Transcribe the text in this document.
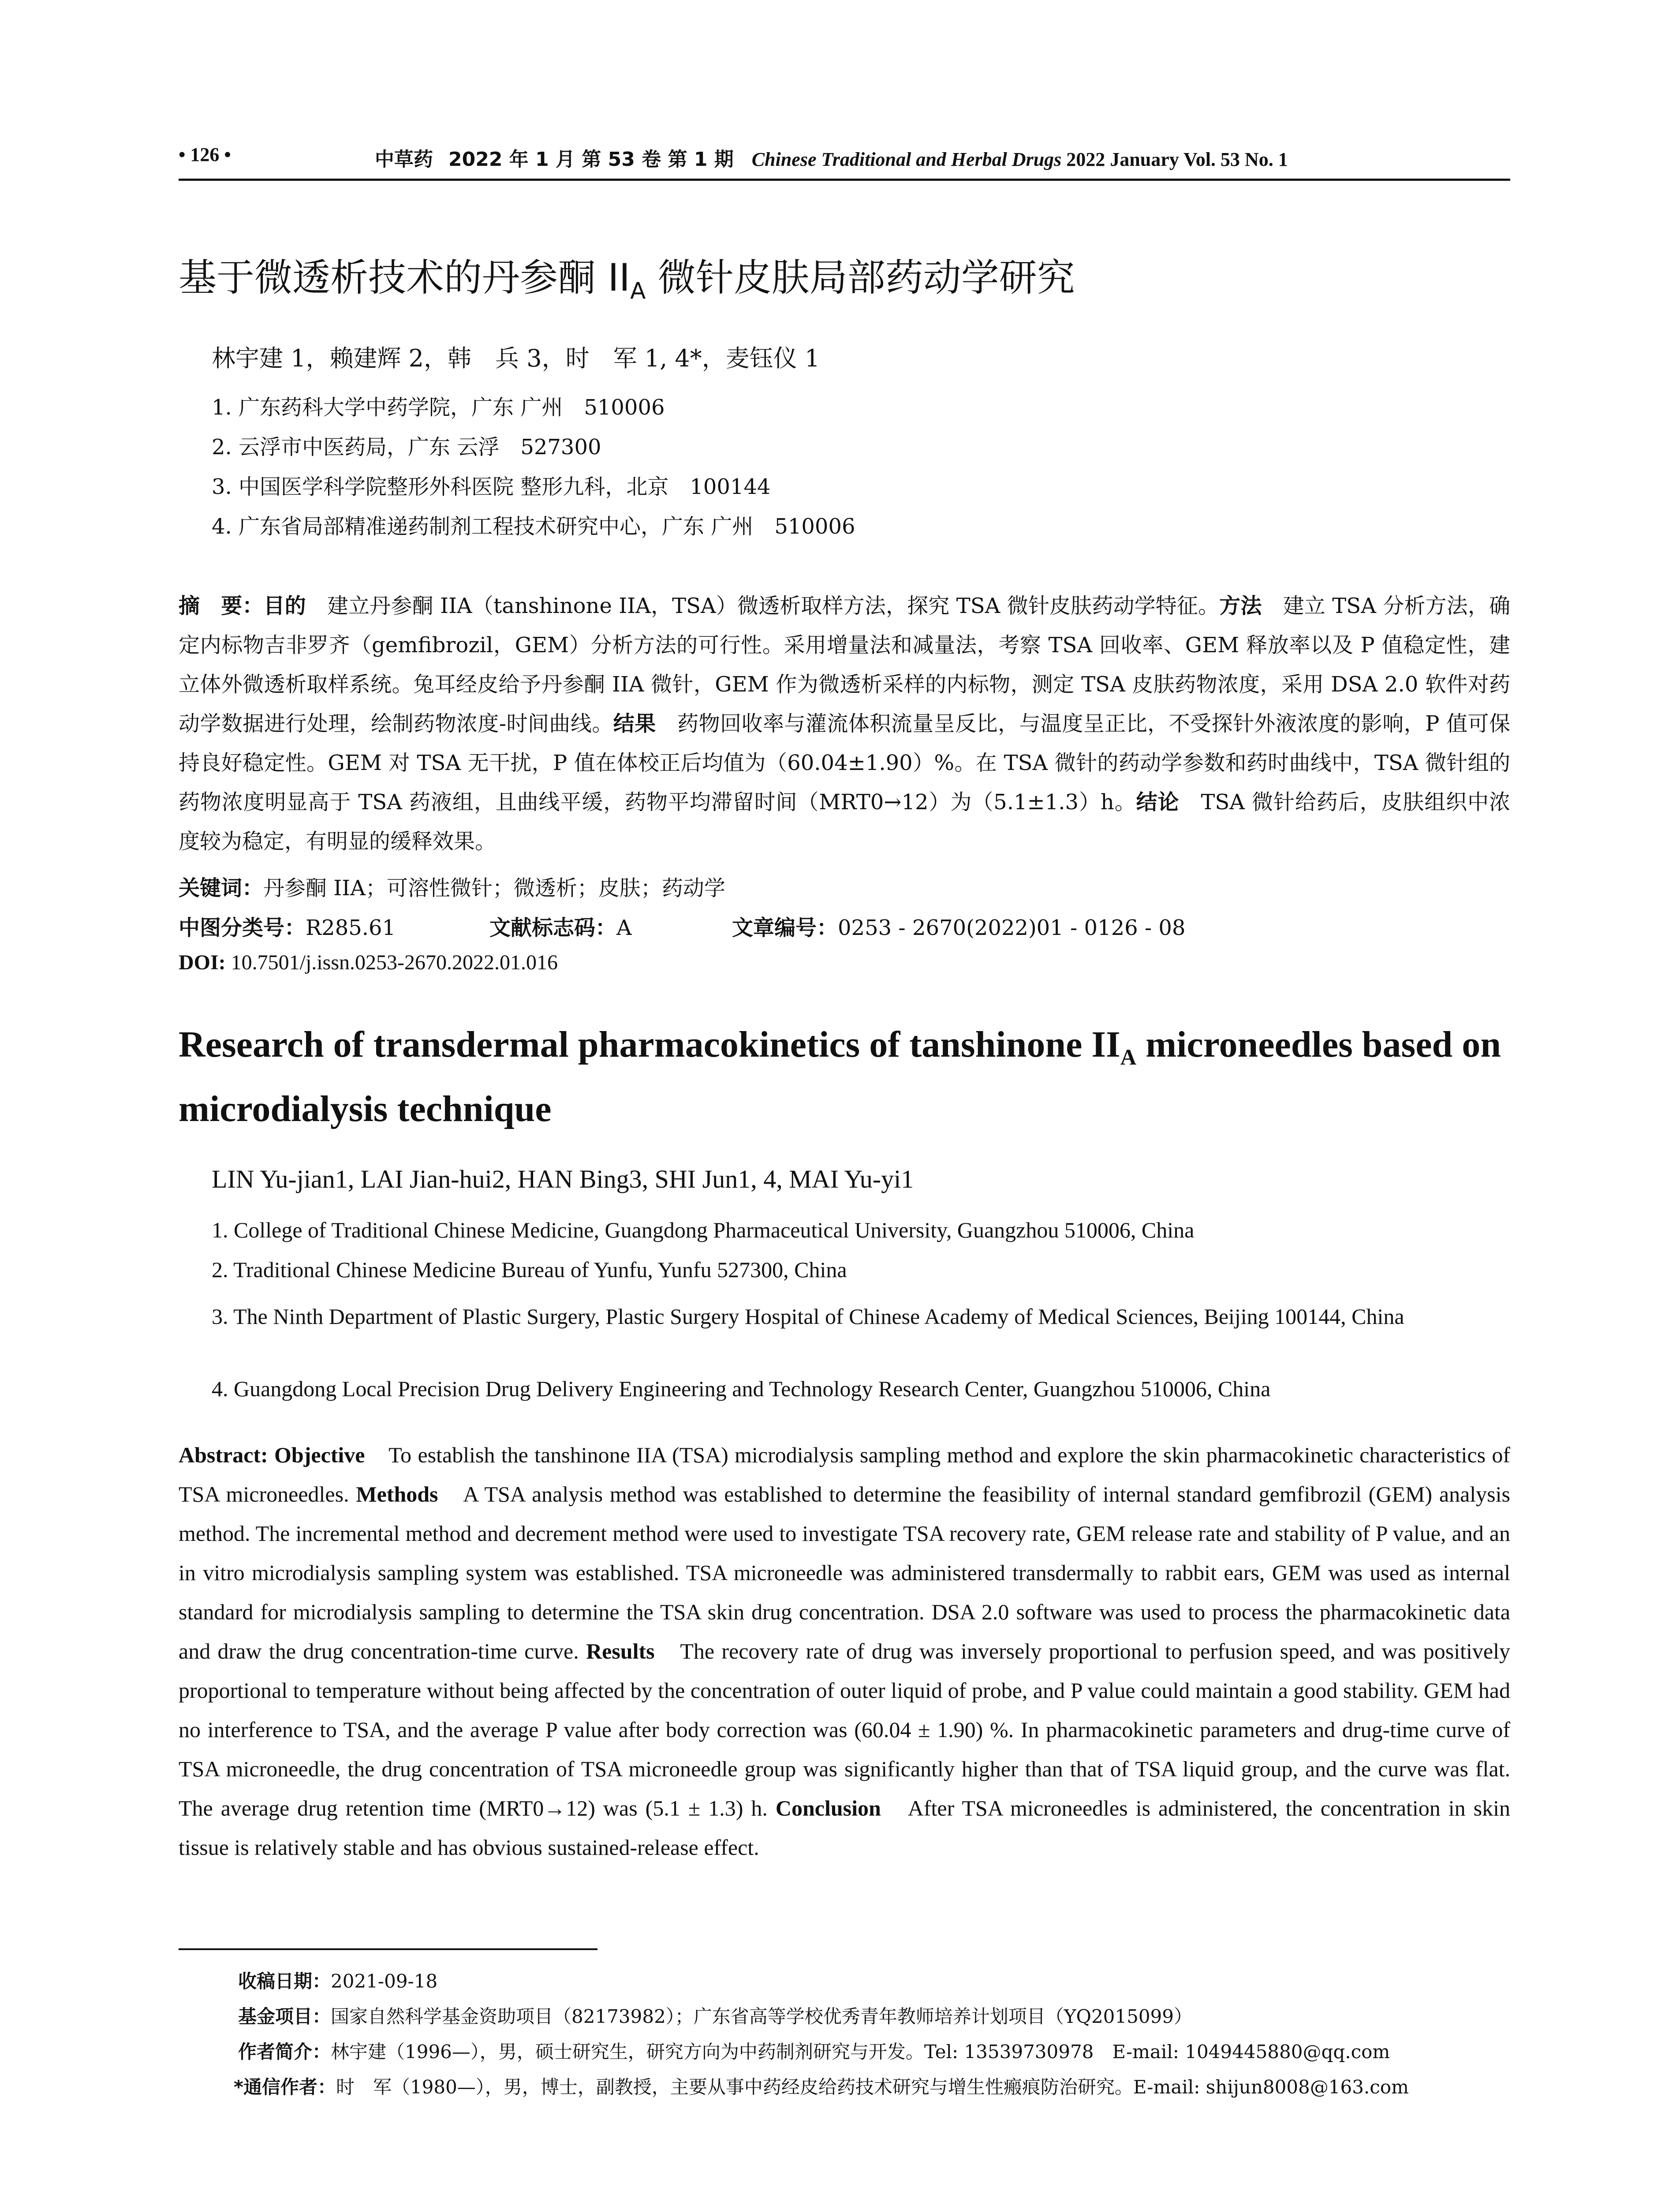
• 126 •	中草药 2022 年 1 月 第 53 卷 第 1 期 Chinese Traditional and Herbal Drugs 2022 January Vol. 53 No. 1
基于微透析技术的丹参酮 $II_A$ 微针皮肤局部药动学研究
林宇建 1，赖建辉 2，韩　兵 3，时　军 1, 4*，麦钰仪 1
1. 广东药科大学中药学院，广东 广州　510006
2. 云浮市中医药局，广东 云浮　527300
3. 中国医学科学院整形外科医院 整形九科，北京　100144
4. 广东省局部精准递药制剂工程技术研究中心，广东 广州　510006
摘　要：目的　建立丹参酮 IIA（tanshinone IIA，TSA）微透析取样方法，探究 TSA 微针皮肤药动学特征。方法　建立 TSA 分析方法，确定内标物吉非罗齐（gemfibrozil，GEM）分析方法的可行性。采用增量法和减量法，考察 TSA 回收率、GEM 释放率以及 P 值稳定性，建立体外微透析取样系统。兔耳经皮给予丹参酮 IIA 微针，GEM 作为微透析采样的内标物，测定 TSA 皮肤药物浓度，采用 DSA 2.0 软件对药动学数据进行处理，绘制药物浓度-时间曲线。结果　药物回收率与灌流体积流量呈反比，与温度呈正比，不受探针外液浓度的影响，P 值可保持良好稳定性。GEM 对 TSA 无干扰，P 值在体校正后均值为（60.04±1.90）%。在 TSA 微针的药动学参数和药时曲线中，TSA 微针组的药物浓度明显高于 TSA 药液组，且曲线平缓，药物平均滞留时间（MRT0→12）为（5.1±1.3）h。结论　TSA 微针给药后，皮肤组织中浓度较为稳定，有明显的缓释效果。
关键词：丹参酮 IIA；可溶性微针；微透析；皮肤；药动学
中图分类号：R285.61	文献标志码：A	文章编号：0253 - 2670(2022)01 - 0126 - 08
DOI: 10.7501/j.issn.0253-2670.2022.01.016
Research of transdermal pharmacokinetics of tanshinone $II_A$ microneedles based on microdialysis technique
LIN Yu-jian1, LAI Jian-hui2, HAN Bing3, SHI Jun1, 4, MAI Yu-yi1
1. College of Traditional Chinese Medicine, Guangdong Pharmaceutical University, Guangzhou 510006, China
2. Traditional Chinese Medicine Bureau of Yunfu, Yunfu 527300, China
3. The Ninth Department of Plastic Surgery, Plastic Surgery Hospital of Chinese Academy of Medical Sciences, Beijing 100144, China
4. Guangdong Local Precision Drug Delivery Engineering and Technology Research Center, Guangzhou 510006, China
Abstract: Objective　To establish the tanshinone IIA (TSA) microdialysis sampling method and explore the skin pharmacokinetic characteristics of TSA microneedles. Methods　A TSA analysis method was established to determine the feasibility of internal standard gemfibrozil (GEM) analysis method. The incremental method and decrement method were used to investigate TSA recovery rate, GEM release rate and stability of P value, and an in vitro microdialysis sampling system was established. TSA microneedle was administered transdermally to rabbit ears, GEM was used as internal standard for microdialysis sampling to determine the TSA skin drug concentration. DSA 2.0 software was used to process the pharmacokinetic data and draw the drug concentration-time curve. Results　The recovery rate of drug was inversely proportional to perfusion speed, and was positively proportional to temperature without being affected by the concentration of outer liquid of probe, and P value could maintain a good stability. GEM had no interference to TSA, and the average P value after body correction was (60.04 ± 1.90) %. In pharmacokinetic parameters and drug-time curve of TSA microneedle, the drug concentration of TSA microneedle group was significantly higher than that of TSA liquid group, and the curve was flat. The average drug retention time (MRT0→12) was (5.1 ± 1.3) h. Conclusion　After TSA microneedles is administered, the concentration in skin tissue is relatively stable and has obvious sustained-release effect.
收稿日期：2021-09-18
基金项目：国家自然科学基金资助项目（82173982）；广东省高等学校优秀青年教师培养计划项目（YQ2015099）
作者简介：林宇建（1996—），男，硕士研究生，研究方向为中药制剂研究与开发。Tel: 13539730978　E-mail: 1049445880@qq.com
*通信作者：时　军（1980—），男，博士，副教授，主要从事中药经皮给药技术研究与增生性瘢痕防治研究。E-mail: shijun8008@163.com
